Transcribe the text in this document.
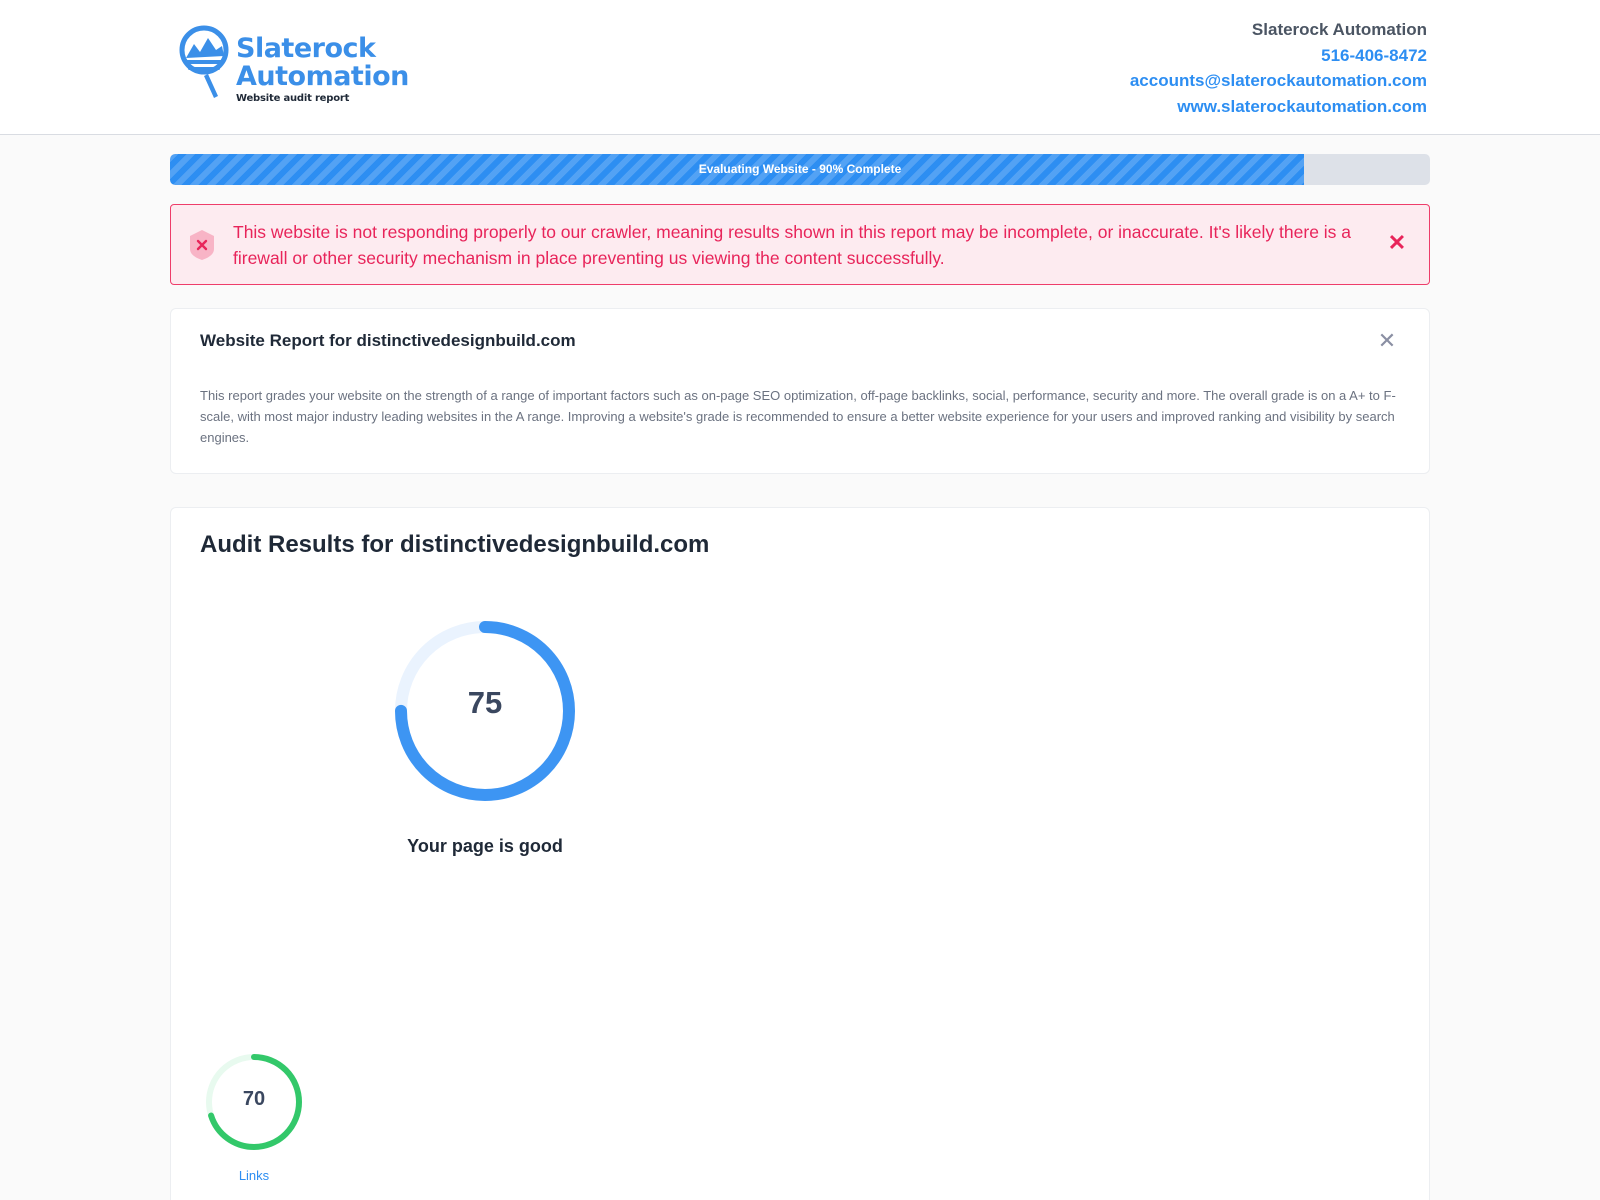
Slaterock
Automation
Website audit report
Slaterock Automation
516-406-8472
accounts@slaterockautomation.com
www.slaterockautomation.com
Evaluating Website - 90% Complete
This website is not responding properly to our crawler, meaning results shown in this report may be incomplete, or inaccurate. It's likely there is a firewall or other security mechanism in place preventing us viewing the content successfully.
✕
Website Report for distinctivedesignbuild.com	✕
This report grades your website on the strength of a range of important factors such as on-page SEO optimization, off-page backlinks, social, performance, security and more. The overall grade is on a A+ to F-scale, with most major industry leading websites in the A range. Improving a website's grade is recommended to ensure a better website experience for your users and improved ranking and visibility by search engines.
Audit Results for distinctivedesignbuild.com
75
Your page is good
70
Links
